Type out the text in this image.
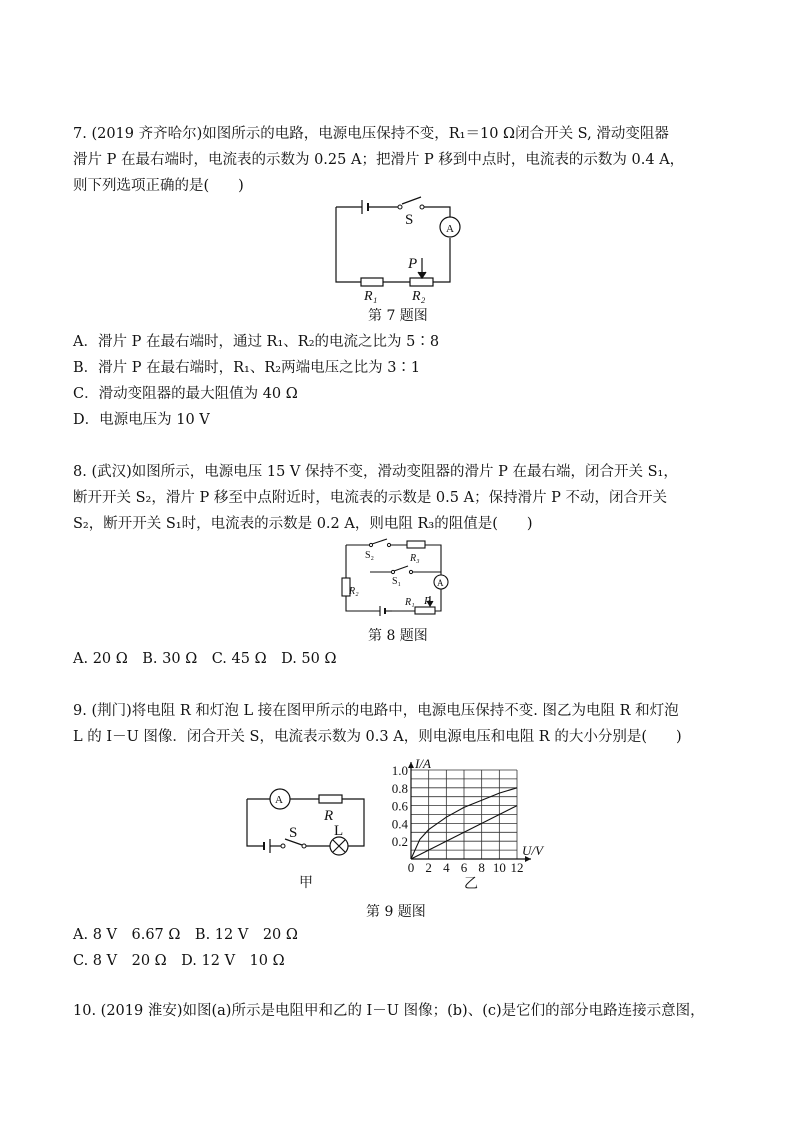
7. (2019 齐齐哈尔)如图所示的电路，电源电压保持不变，R₁＝10 Ω闭合开关 S, 滑动变阻器
滑片 P 在最右端时，电流表的示数为 0.25 A；把滑片 P 移到中点时，电流表的示数为 0.4 A，
则下列选项正确的是(　　)
S
A
P
R₁ R₂
第 7 题图
A．滑片 P 在最右端时，通过 R₁、R₂的电流之比为 5∶8
B．滑片 P 在最右端时，R₁、R₂两端电压之比为 3∶1
C．滑动变阻器的最大阻值为 40 Ω
D．电源电压为 10 V
8. (武汉)如图所示，电源电压 15 V 保持不变，滑动变阻器的滑片 P 在最右端，闭合开关 S₁，
断开开关 S₂，滑片 P 移至中点附近时，电流表的示数是 0.5 A；保持滑片 P 不动，闭合开关
S₂，断开开关 S₁时，电流表的示数是 0.2 A，则电阻 R₃的阻值是(　　)
S₂	R₃
S₁	A
R₂
R₁ P
第 8 题图
A. 20 Ω　B. 30 Ω　C. 45 Ω　D. 50 Ω
9. (荆门)将电阻 R 和灯泡 L 接在图甲所示的电路中，电源电压保持不变. 图乙为电阻 R 和灯泡
L 的 I－U 图像．闭合开关 S，电流表示数为 0.3 A，则电源电压和电阻 R 的大小分别是(　　)
A
R
S L
甲
0 2 4 6 8 10 12
0.2
0.4
0.6
0.8
1.0 I/A
U/V
乙
第 9 题图
A. 8 V　6.67 Ω　B. 12 V　20 Ω
C. 8 V　20 Ω　D. 12 V　10 Ω
10. (2019 淮安)如图(a)所示是电阻甲和乙的 I－U 图像；(b)、(c)是它们的部分电路连接示意图，
